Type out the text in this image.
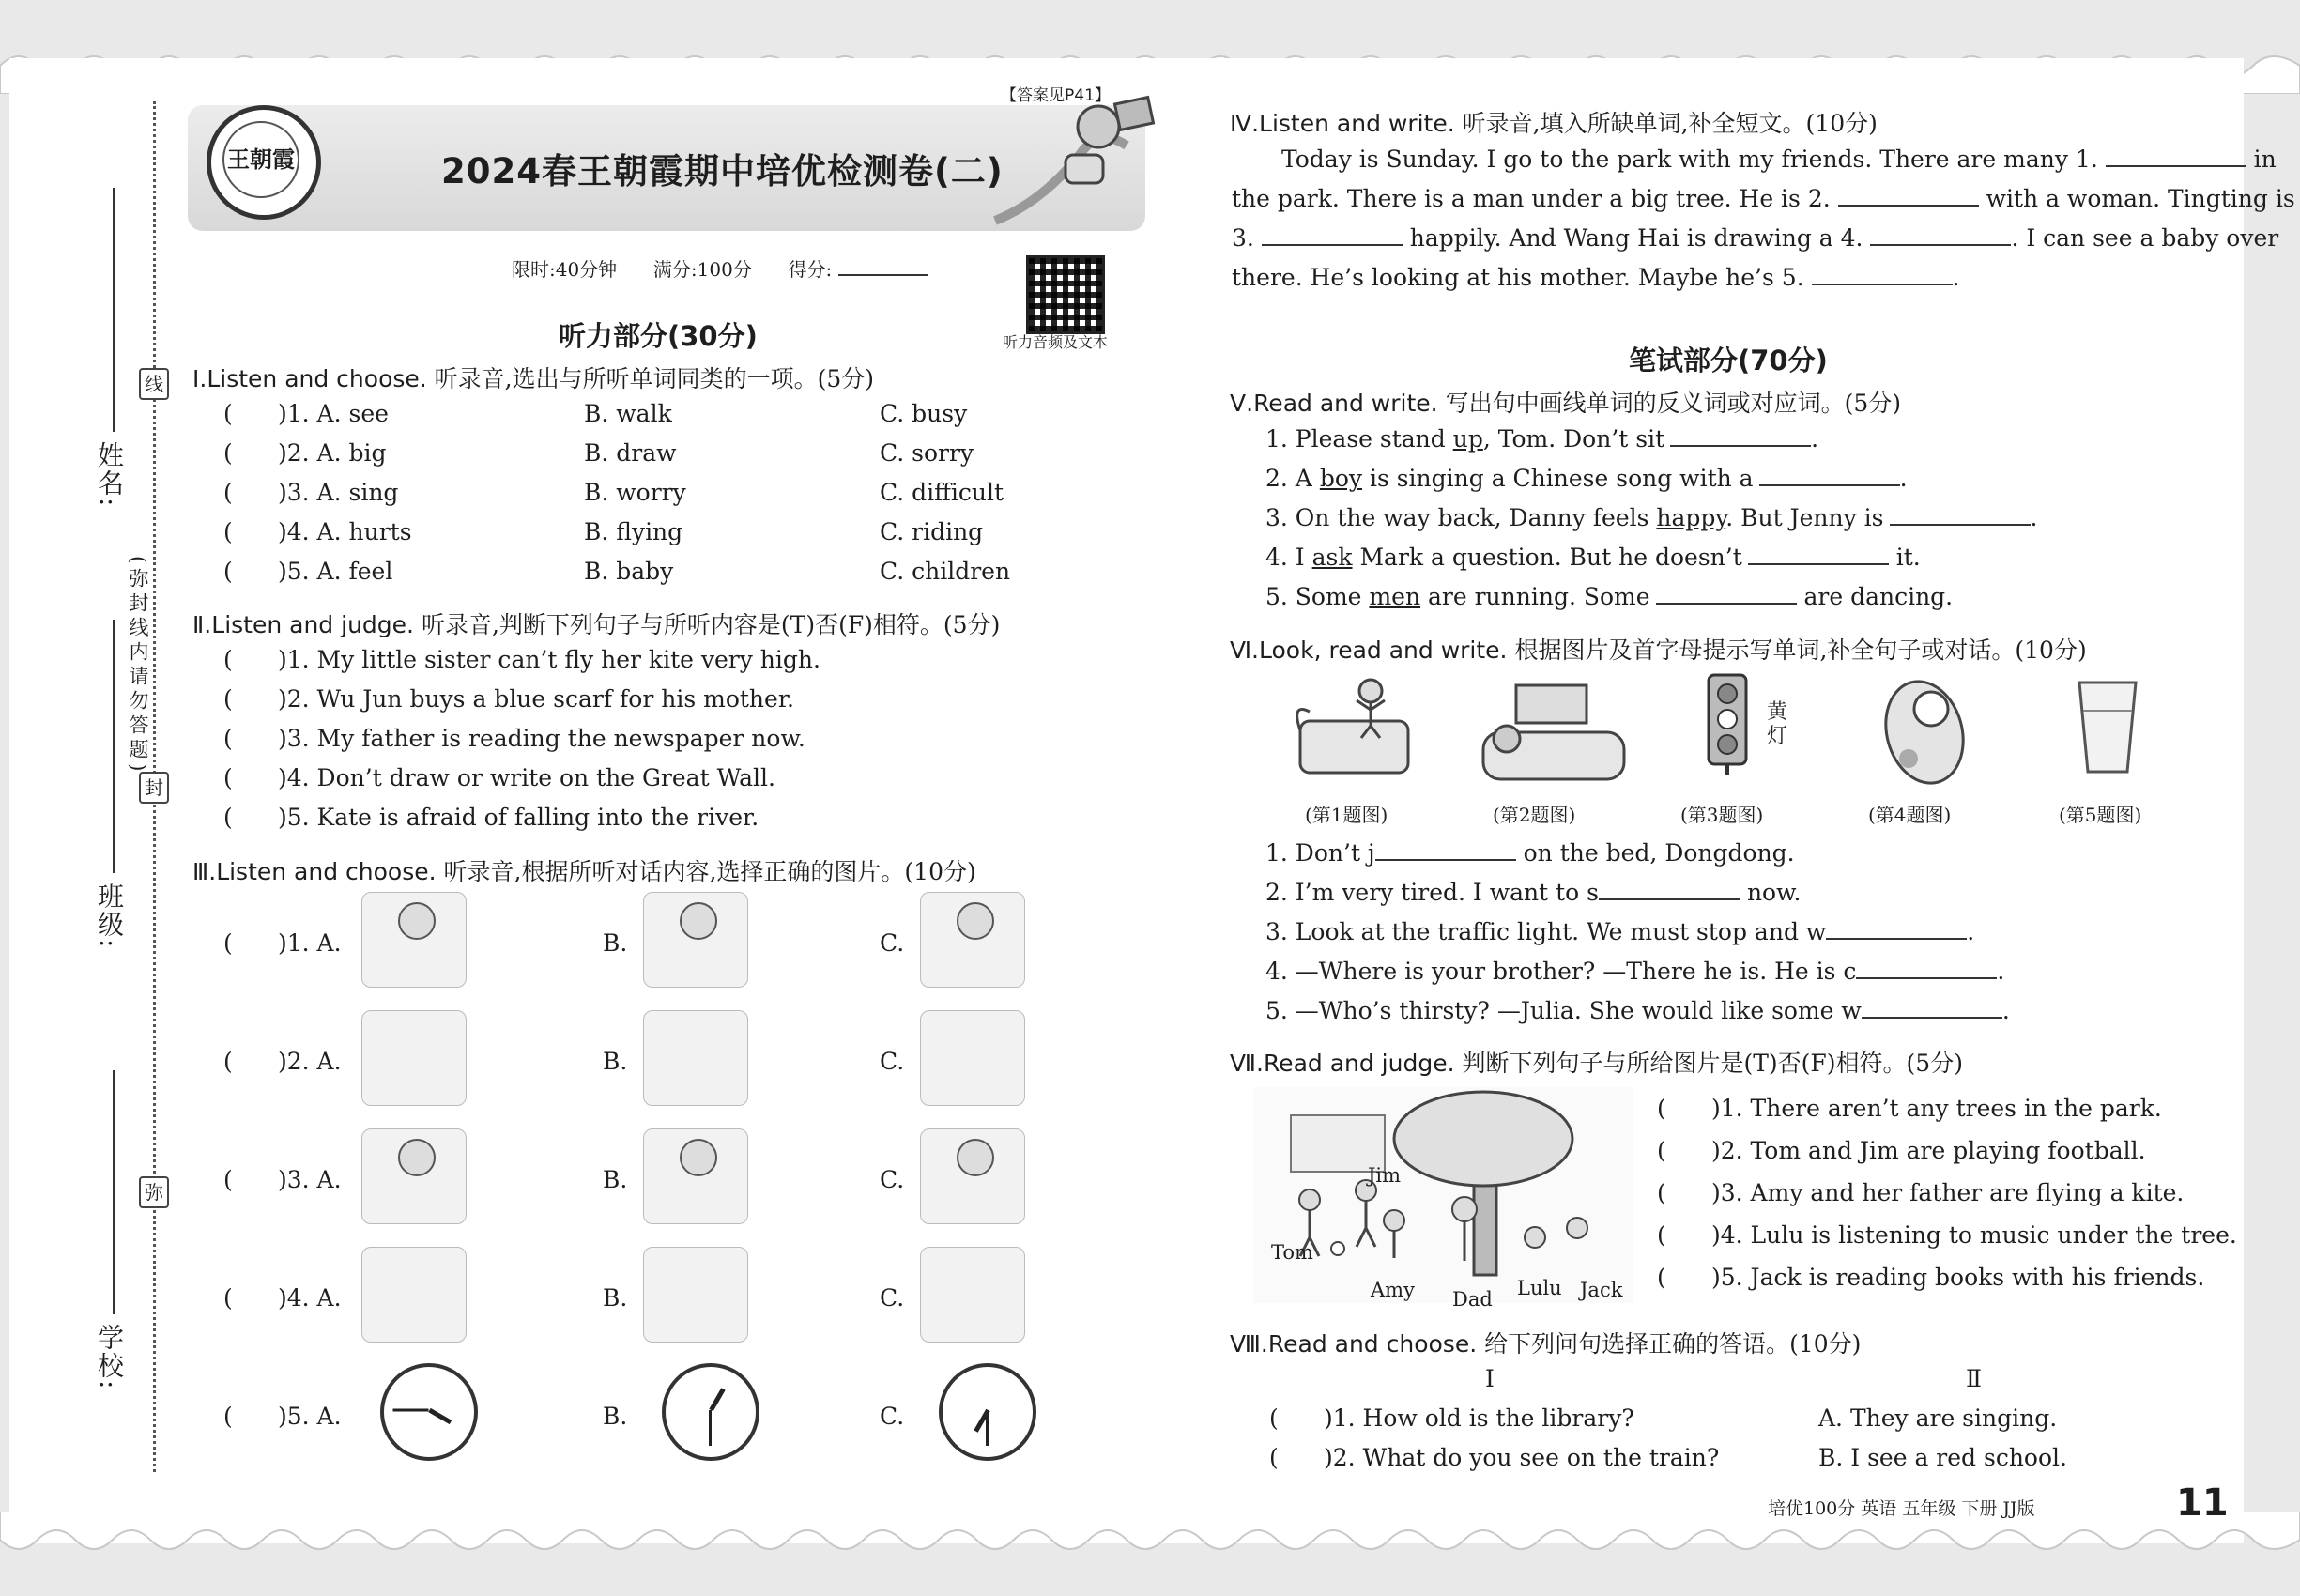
线
封
弥
(弥封线内请勿答题)
姓名:
班级:
学校:
王朝霞
【答案见P41】
2024春王朝霞期中培优检测卷(二)
限时:40分钟 满分:100分 得分:
听力音频及文本
听力部分(30分)
Ⅰ.Listen and choose. 听录音,选出与所听单词同类的一项。(5分)
( )1. A. see	B. walk	C. busy
( )2. A. big	B. draw	C. sorry
( )3. A. sing	B. worry	C. difficult
( )4. A. hurts	B. flying	C. riding
( )5. A. feel	B. baby	C. children
Ⅱ.Listen and judge. 听录音,判断下列句子与所听内容是(T)否(F)相符。(5分)
( )1. My little sister can’t fly her kite very high.
( )2. Wu Jun buys a blue scarf for his mother.
( )3. My father is reading the newspaper now.
( )4. Don’t draw or write on the Great Wall.
( )5. Kate is afraid of falling into the river.
Ⅲ.Listen and choose. 听录音,根据所听对话内容,选择正确的图片。(10分)
( )1. A.	B.	C.
( )2. A.	B.	C.
( )3. A.	B.	C.
( )4. A.	B.	C.
( )5. A.	B.	C.
Ⅳ.Listen and write. 听录音,填入所缺单词,补全短文。(10分)
Today is Sunday. I go to the park with my friends. There are many 1.	in
the park. There is a man under a big tree. He is 2.	with a woman. Tingting is
3.	happily. And Wang Hai is drawing a 4.	. I can see a baby over
there. He’s looking at his mother. Maybe he’s 5.	.
笔试部分(70分)
Ⅴ.Read and write. 写出句中画线单词的反义词或对应词。(5分)
1. Please stand up, Tom. Don’t sit	.
2. A boy is singing a Chinese song with a	.
3. On the way back, Danny feels happy. But Jenny is	.
4. I ask Mark a question. But he doesn’t	it.
5. Some men are running. Some	are dancing.
Ⅵ.Look, read and write. 根据图片及首字母提示写单词,补全句子或对话。(10分)
黄灯
(第1题图)	(第2题图)	(第3题图)	(第4题图)	(第5题图)
1. Don’t j	on the bed, Dongdong.
2. I’m very tired. I want to s	now.
3. Look at the traffic light. We must stop and w	.
4. —Where is your brother? —There he is. He is c	.
5. —Who’s thirsty? —Julia. She would like some w	.
Ⅶ.Read and judge. 判断下列句子与所给图片是(T)否(F)相符。(5分)
Jim
Tom
Amy Dad Lulu Jack
( )1. There aren’t any trees in the park.
( )2. Tom and Jim are playing football.
( )3. Amy and her father are flying a kite.
( )4. Lulu is listening to music under the tree.
( )5. Jack is reading books with his friends.
Ⅷ.Read and choose. 给下列问句选择正确的答语。(10分)
Ⅰ	Ⅱ
( )1. How old is the library?	A. They are singing.
( )2. What do you see on the train?	B. I see a red school.
培优100分 英语 五年级 下册 JJ版	11
